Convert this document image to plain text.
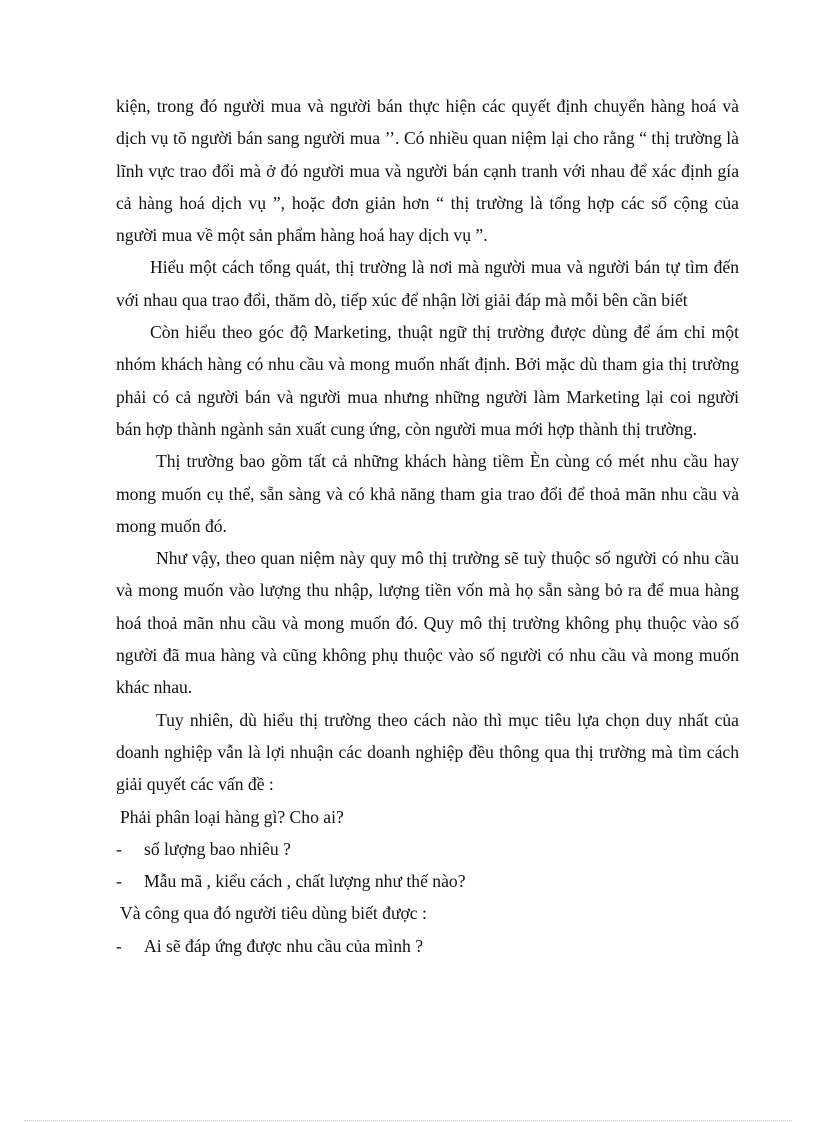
kiện, trong đó người mua và người bán thực hiện các quyết định chuyển hàng hoá và dịch vụ tõ người bán sang người mua ’’. Có nhiều quan niệm lại cho rằng “ thị trường là lĩnh vực trao đổi mà ở đó người mua và người bán cạnh tranh với nhau để xác định gía cả hàng hoá dịch vụ ”, hoặc đơn giản hơn “ thị trường là tổng hợp các số cộng của người mua về một sản phẩm hàng hoá hay dịch vụ ”.

Hiểu một cách tổng quát, thị trường là nơi mà người mua và người bán tự tìm đến với nhau qua trao đổi, thăm dò, tiếp xúc để nhận lời giải đáp mà mỗi bên cần biết

Còn hiểu theo góc độ Marketing, thuật ngữ thị trường được dùng để ám chỉ một nhóm khách hàng có nhu cầu và mong muốn nhất định. Bởi mặc dù tham gia thị trường phải có cả người bán và người mua nhưng những người làm Marketing lại coi người bán hợp thành ngành sản xuất cung ứng, còn người mua mới hợp thành thị trường.

Thị trường bao gồm tất cả những khách hàng tiềm Èn cùng có mét nhu cầu hay mong muốn cụ thể, sẵn sàng và có khả năng tham gia trao đổi để thoả mãn nhu cầu và mong muốn đó.

Như vậy, theo quan niệm này quy mô thị trường sẽ tuỳ thuộc số người có nhu cầu và mong muốn vào lượng thu nhập, lượng tiền vốn mà họ sẵn sàng bỏ ra để mua hàng hoá thoả mãn nhu cầu và mong muốn đó. Quy mô thị trường không phụ thuộc vào số người đã mua hàng và cũng không phụ thuộc vào số người có nhu cầu và mong muốn khác nhau.

Tuy nhiên, dù hiểu thị trường theo cách nào thì mục tiêu lựa chọn duy nhất của doanh nghiệp vẫn là lợi nhuận các doanh nghiệp đều thông qua thị trường mà tìm cách giải quyết các vấn đề :

Phải phân loại hàng gì? Cho ai?

-	số lượng bao nhiêu ?

-	Mẫu mã , kiểu cách , chất lượng như thế nào?

Và công qua đó người tiêu dùng biết được :

-	Ai sẽ đáp ứng được nhu cầu của mình ?
